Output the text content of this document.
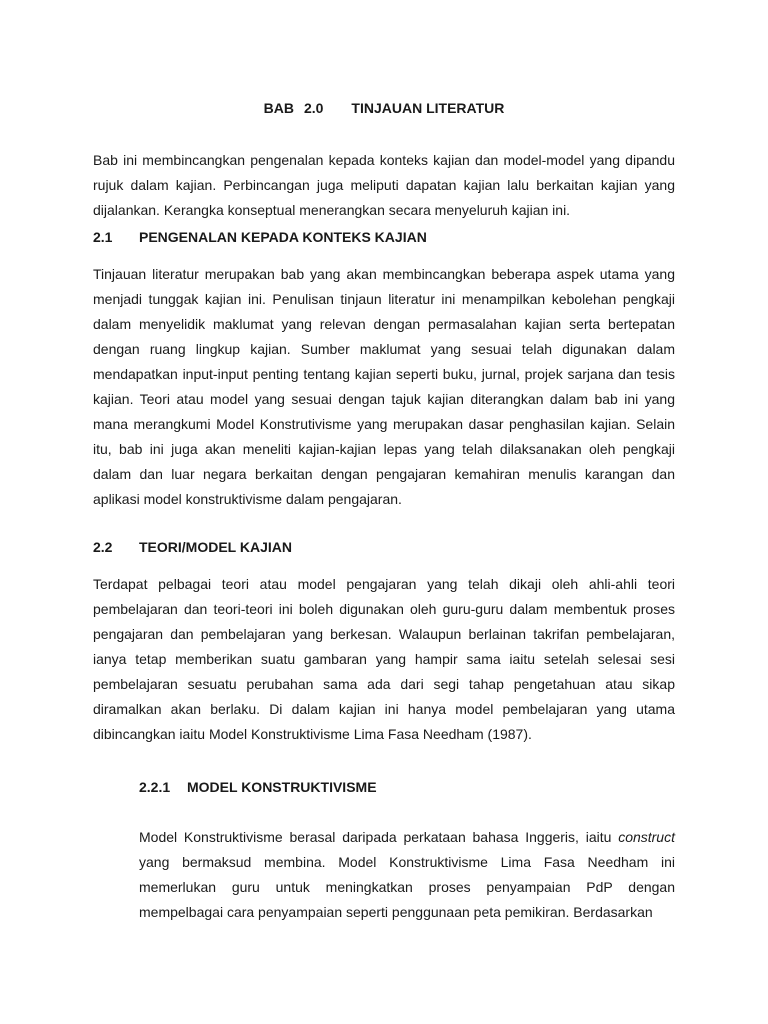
BAB 2.0 TINJAUAN LITERATUR

Bab ini membincangkan pengenalan kepada konteks kajian dan model-model yang dipandu rujuk dalam kajian. Perbincangan juga meliputi dapatan kajian lalu berkaitan kajian yang dijalankan. Kerangka konseptual menerangkan secara menyeluruh kajian ini.

2.1 PENGENALAN KEPADA KONTEKS KAJIAN

Tinjauan literatur merupakan bab yang akan membincangkan beberapa aspek utama yang menjadi tunggak kajian ini. Penulisan tinjaun literatur ini menampilkan kebolehan pengkaji dalam menyelidik maklumat yang relevan dengan permasalahan kajian serta bertepatan dengan ruang lingkup kajian. Sumber maklumat yang sesuai telah digunakan dalam mendapatkan input-input penting tentang kajian seperti buku, jurnal, projek sarjana dan tesis kajian. Teori atau model yang sesuai dengan tajuk kajian diterangkan dalam bab ini yang mana merangkumi Model Konstrutivisme yang merupakan dasar penghasilan kajian. Selain itu, bab ini juga akan meneliti kajian-kajian lepas yang telah dilaksanakan oleh pengkaji dalam dan luar negara berkaitan dengan pengajaran kemahiran menulis karangan dan aplikasi model konstruktivisme dalam pengajaran.

2.2 TEORI/MODEL KAJIAN

Terdapat pelbagai teori atau model pengajaran yang telah dikaji oleh ahli-ahli teori pembelajaran dan teori-teori ini boleh digunakan oleh guru-guru dalam membentuk proses pengajaran dan pembelajaran yang berkesan. Walaupun berlainan takrifan pembelajaran, ianya tetap memberikan suatu gambaran yang hampir sama iaitu setelah selesai sesi pembelajaran sesuatu perubahan sama ada dari segi tahap pengetahuan atau sikap diramalkan akan berlaku. Di dalam kajian ini hanya model pembelajaran yang utama dibincangkan iaitu Model Konstruktivisme Lima Fasa Needham (1987).

2.2.1 MODEL KONSTRUKTIVISME

Model Konstruktivisme berasal daripada perkataan bahasa Inggeris, iaitu construct yang bermaksud membina. Model Konstruktivisme Lima Fasa Needham ini memerlukan guru untuk meningkatkan proses penyampaian PdP dengan mempelbagai cara penyampaian seperti penggunaan peta pemikiran. Berdasarkan
